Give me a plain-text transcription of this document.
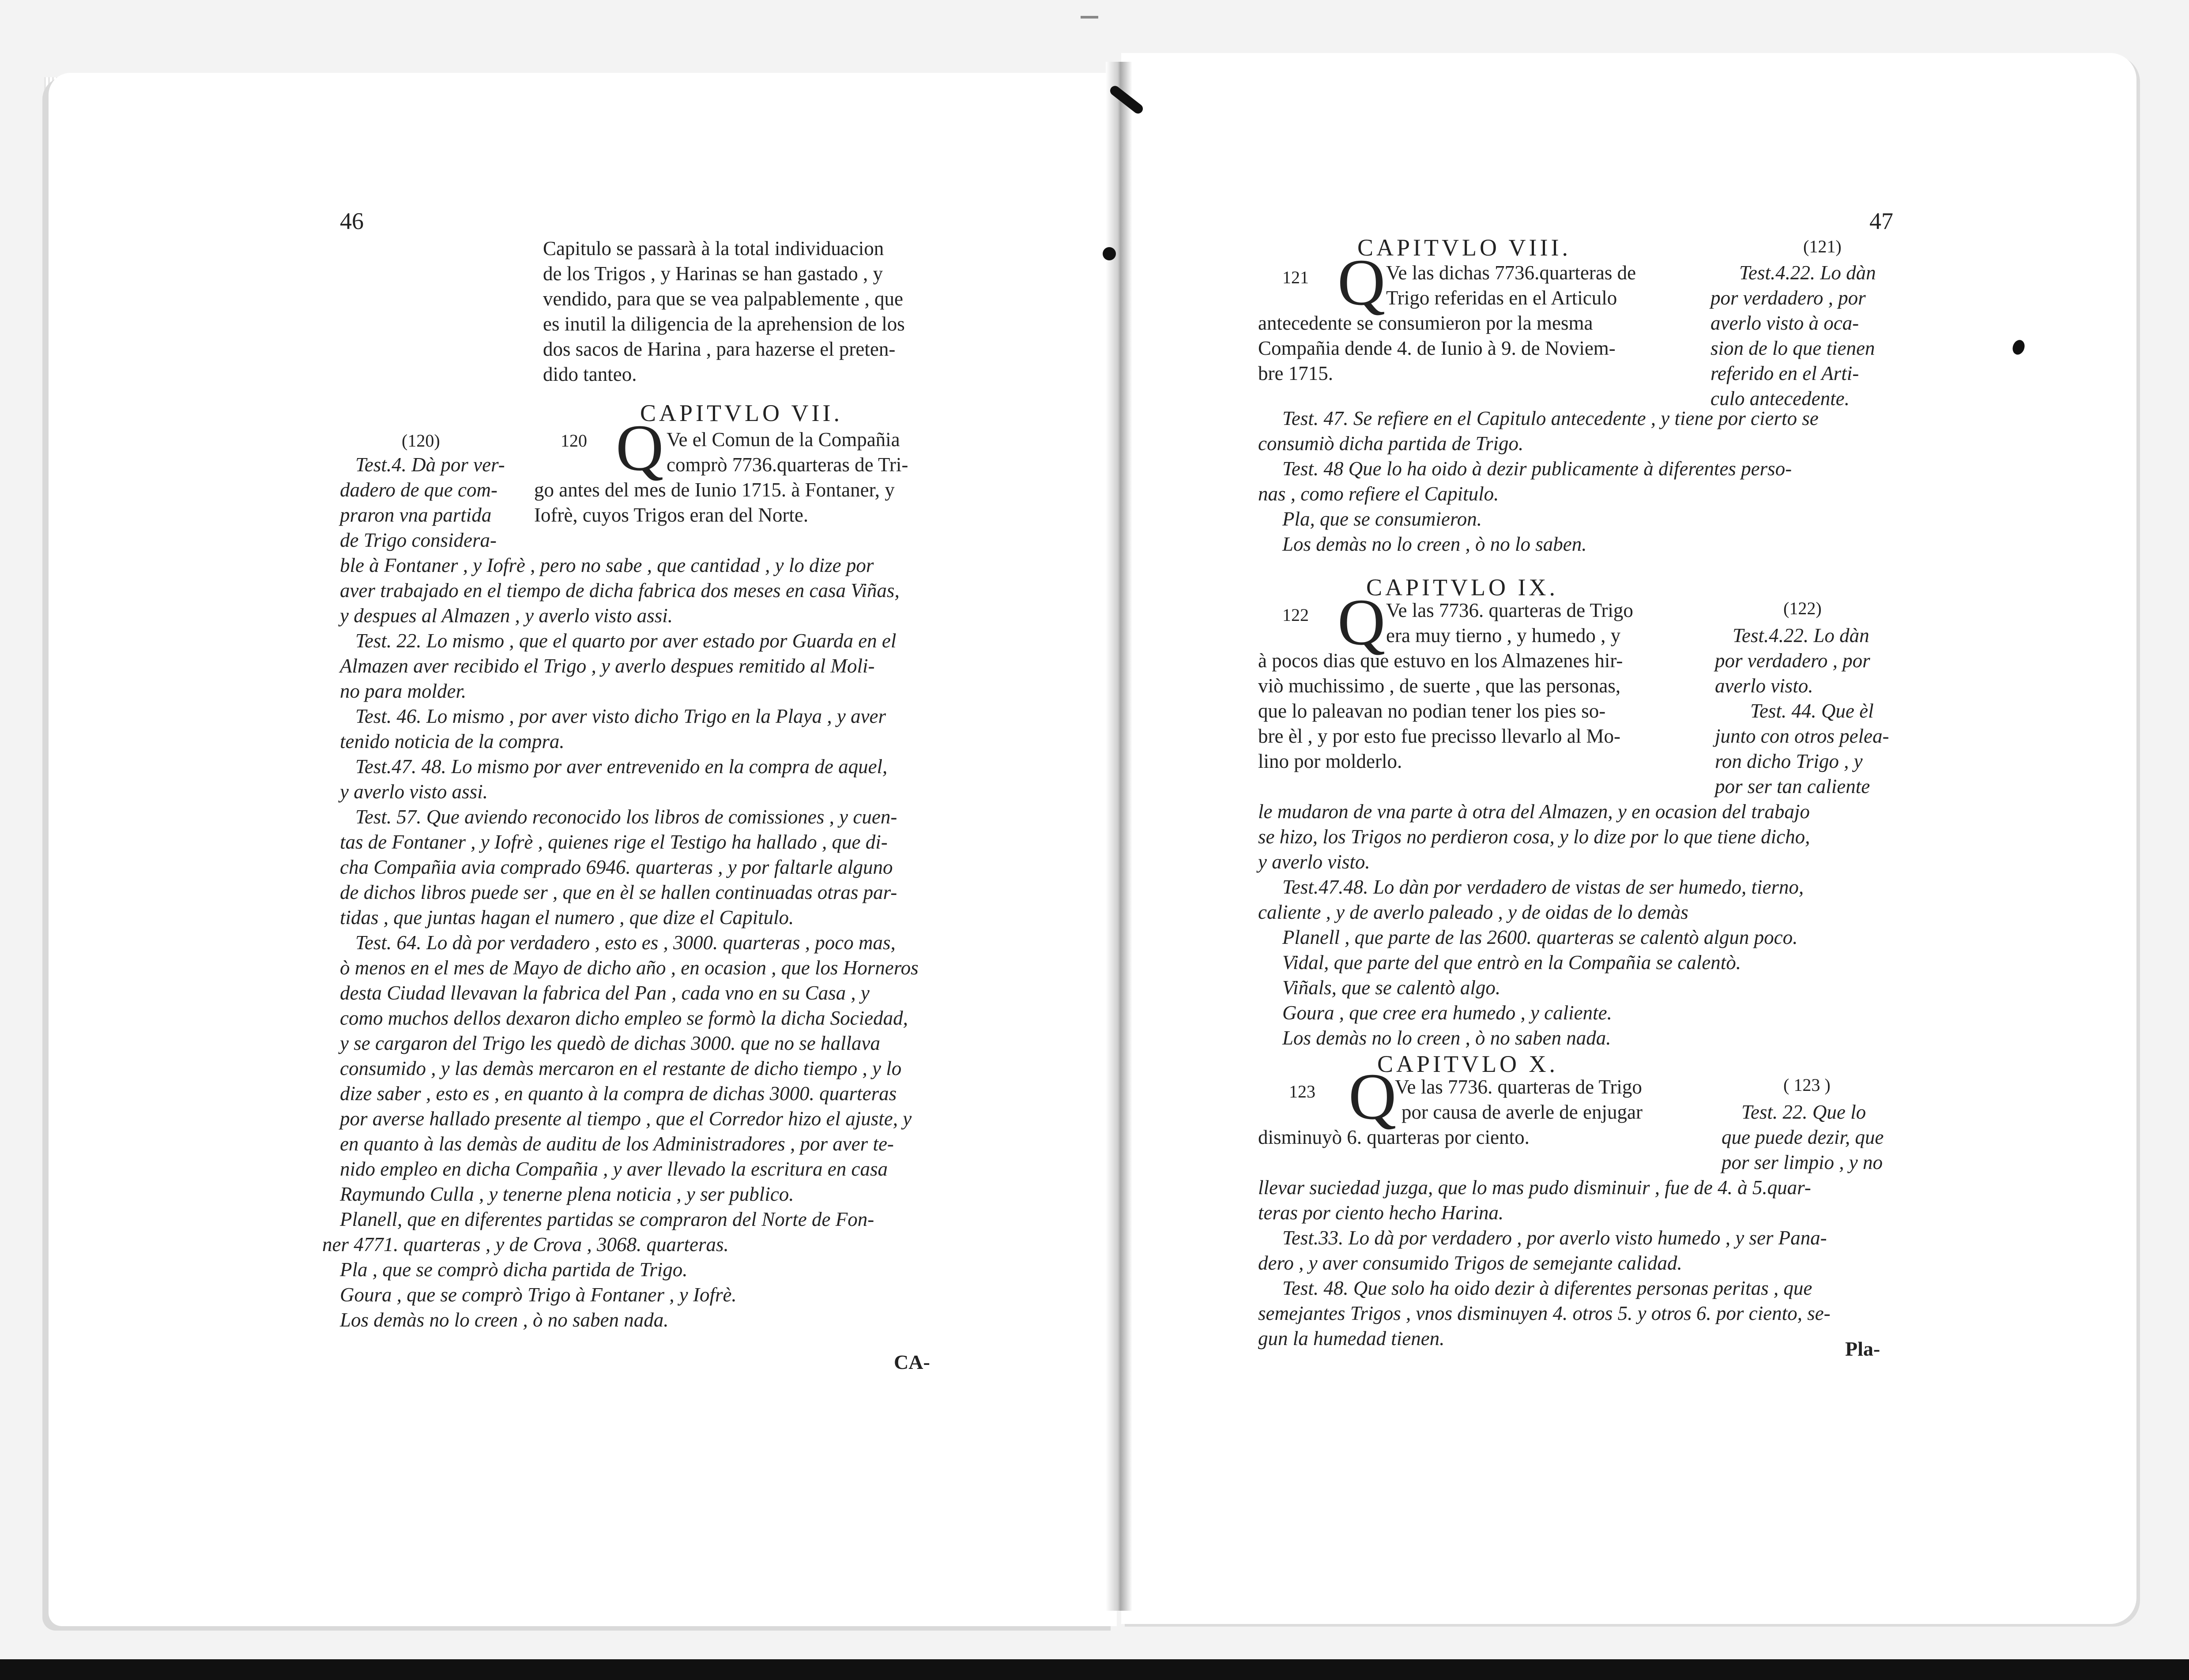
46
Capitulo se passarà à la total individuacion
de los Trigos , y Harinas se han gastado , y
vendido, para que se vea palpablemente , que
es inutil la diligencia de la aprehension de los
dos sacos de Harina , para hazerse el preten-
dido tanteo.
CAPITVLO VII.
(120)	120 Q Ve el Comun de la Compañia
comprò 7736.quarteras de Tri-
go antes del mes de Iunio 1715. à Fontaner, y
Iofrè, cuyos Trigos eran del Norte.
Test.4. Dà por ver-
dadero de que com-
praron vna partida
de Trigo considera-
ble à Fontaner , y Iofrè , pero no sabe , que cantidad , y lo dize por
aver trabajado en el tiempo de dicha fabrica dos meses en casa Viñas,
y despues al Almazen , y averlo visto assi.
Test. 22. Lo mismo , que el quarto por aver estado por Guarda en el
Almazen aver recibido el Trigo , y averlo despues remitido al Moli-
no para molder.
Test. 46. Lo mismo , por aver visto dicho Trigo en la Playa , y aver
tenido noticia de la compra.
Test.47. 48. Lo mismo por aver entrevenido en la compra de aquel,
y averlo visto assi.
Test. 57. Que aviendo reconocido los libros de comissiones , y cuen-
tas de Fontaner , y Iofrè , quienes rige el Testigo ha hallado , que di-
cha Compañia avia comprado 6946. quarteras , y por faltarle alguno
de dichos libros puede ser , que en èl se hallen continuadas otras par-
tidas , que juntas hagan el numero , que dize el Capitulo.
Test. 64. Lo dà por verdadero , esto es , 3000. quarteras , poco mas,
ò menos en el mes de Mayo de dicho año , en ocasion , que los Horneros
desta Ciudad llevavan la fabrica del Pan , cada vno en su Casa , y
como muchos dellos dexaron dicho empleo se formò la dicha Sociedad,
y se cargaron del Trigo les quedò de dichas 3000. que no se hallava
consumido , y las demàs mercaron en el restante de dicho tiempo , y lo
dize saber , esto es , en quanto à la compra de dichas 3000. quarteras
por averse hallado presente al tiempo , que el Corredor hizo el ajuste, y
en quanto à las demàs de auditu de los Administradores , por aver te-
nido empleo en dicha Compañia , y aver llevado la escritura en casa
Raymundo Culla , y tenerne plena noticia , y ser publico.
Planell, que en diferentes partidas se compraron del Norte de Fon-
ner 4771. quarteras , y de Crova , 3068. quarteras.
Pla , que se comprò dicha partida de Trigo.
Goura , que se comprò Trigo à Fontaner , y Iofrè.
Los demàs no lo creen , ò no saben nada.
CA-
47
CAPITVLO VIII.	(121)
121 Q Ve las dichas 7736.quarteras de
Trigo referidas en el Articulo
antecedente se consumieron por la mesma
Compañia dende 4. de Iunio à 9. de Noviem-
bre 1715.
Test.4.22. Lo dàn
por verdadero , por
averlo visto à oca-
sion de lo que tienen
referido en el Arti-
culo antecedente.
Test. 47. Se refiere en el Capitulo antecedente , y tiene por cierto se
consumiò dicha partida de Trigo.
Test. 48 Que lo ha oido à dezir publicamente à diferentes perso-
nas , como refiere el Capitulo.
Pla, que se consumieron.
Los demàs no lo creen , ò no lo saben.
CAPITVLO IX.
(122)
122 Q Ve las 7736. quarteras de Trigo
era muy tierno , y humedo , y
à pocos dias que estuvo en los Almazenes hir-
viò muchissimo , de suerte , que las personas,
que lo paleavan no podian tener los pies so-
bre èl , y por esto fue precisso llevarlo al Mo-
lino por molderlo.
Test.4.22. Lo dàn
por verdadero , por
averlo visto.
Test. 44. Que èl
junto con otros pelea-
ron dicho Trigo , y
por ser tan caliente
le mudaron de vna parte à otra del Almazen, y en ocasion del trabajo
se hizo, los Trigos no perdieron cosa, y lo dize por lo que tiene dicho,
y averlo visto.
Test.47.48. Lo dàn por verdadero de vistas de ser humedo, tierno,
caliente , y de averlo paleado , y de oidas de lo demàs
Planell , que parte de las 2600. quarteras se calentò algun poco.
Vidal, que parte del que entrò en la Compañia se calentò.
Viñals, que se calentò algo.
Goura , que cree era humedo , y caliente.
Los demàs no lo creen , ò no saben nada.
CAPITVLO X.
( 123 )
123 Q
Ve las 7736. quarteras de Trigo
por causa de averle de enjugar
disminuyò 6. quarteras por ciento.
Test. 22. Que lo
que puede dezir, que
por ser limpio , y no
llevar suciedad juzga, que lo mas pudo disminuir , fue de 4. à 5.quar-
teras por ciento hecho Harina.
Test.33. Lo dà por verdadero , por averlo visto humedo , y ser Pana-
dero , y aver consumido Trigos de semejante calidad.
Test. 48. Que solo ha oido dezir à diferentes personas peritas , que
semejantes Trigos , vnos disminuyen 4. otros 5. y otros 6. por ciento, se-
gun la humedad tienen.	Pla-
